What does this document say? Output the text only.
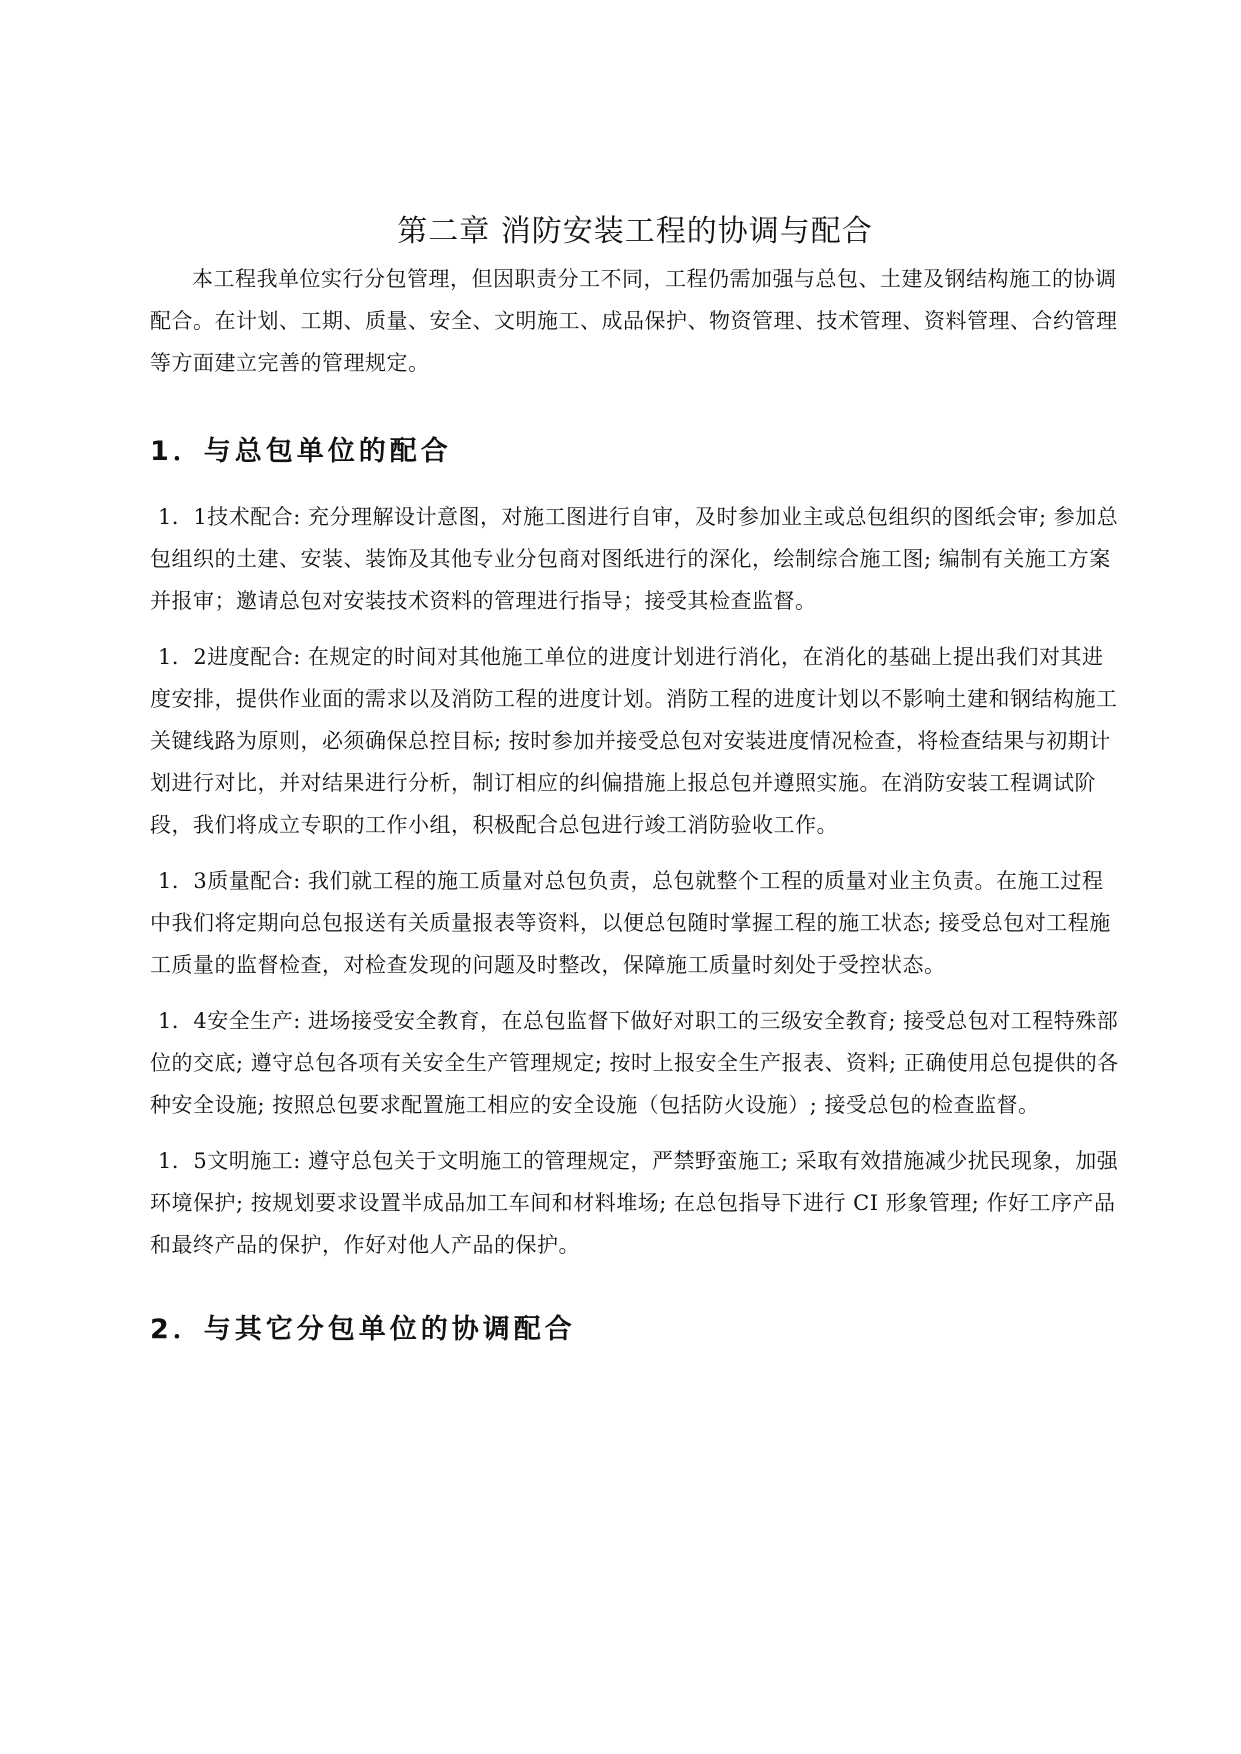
第二章 消防安装工程的协调与配合

本工程我单位实行分包管理，但因职责分工不同，工程仍需加强与总包、土建及钢结构施工的协调配合。在计划、工期、质量、安全、文明施工、成品保护、物资管理、技术管理、资料管理、合约管理等方面建立完善的管理规定。

1．与总包单位的配合

1．1技术配合: 充分理解设计意图，对施工图进行自审，及时参加业主或总包组织的图纸会审; 参加总包组织的土建、安装、装饰及其他专业分包商对图纸进行的深化，绘制综合施工图; 编制有关施工方案并报审；邀请总包对安装技术资料的管理进行指导；接受其检查监督。

1．2进度配合: 在规定的时间对其他施工单位的进度计划进行消化，在消化的基础上提出我们对其进度安排，提供作业面的需求以及消防工程的进度计划。消防工程的进度计划以不影响土建和钢结构施工关键线路为原则，必须确保总控目标; 按时参加并接受总包对安装进度情况检查，将检查结果与初期计划进行对比，并对结果进行分析，制订相应的纠偏措施上报总包并遵照实施。在消防安装工程调试阶段，我们将成立专职的工作小组，积极配合总包进行竣工消防验收工作。

1．3质量配合: 我们就工程的施工质量对总包负责，总包就整个工程的质量对业主负责。在施工过程中我们将定期向总包报送有关质量报表等资料，以便总包随时掌握工程的施工状态; 接受总包对工程施工质量的监督检查，对检查发现的问题及时整改，保障施工质量时刻处于受控状态。

1．4安全生产: 进场接受安全教育，在总包监督下做好对职工的三级安全教育; 接受总包对工程特殊部位的交底; 遵守总包各项有关安全生产管理规定; 按时上报安全生产报表、资料; 正确使用总包提供的各种安全设施; 按照总包要求配置施工相应的安全设施（包括防火设施）; 接受总包的检查监督。

1．5文明施工: 遵守总包关于文明施工的管理规定，严禁野蛮施工; 采取有效措施减少扰民现象，加强环境保护; 按规划要求设置半成品加工车间和材料堆场; 在总包指导下进行 CI 形象管理; 作好工序产品和最终产品的保护，作好对他人产品的保护。

2．与其它分包单位的协调配合
